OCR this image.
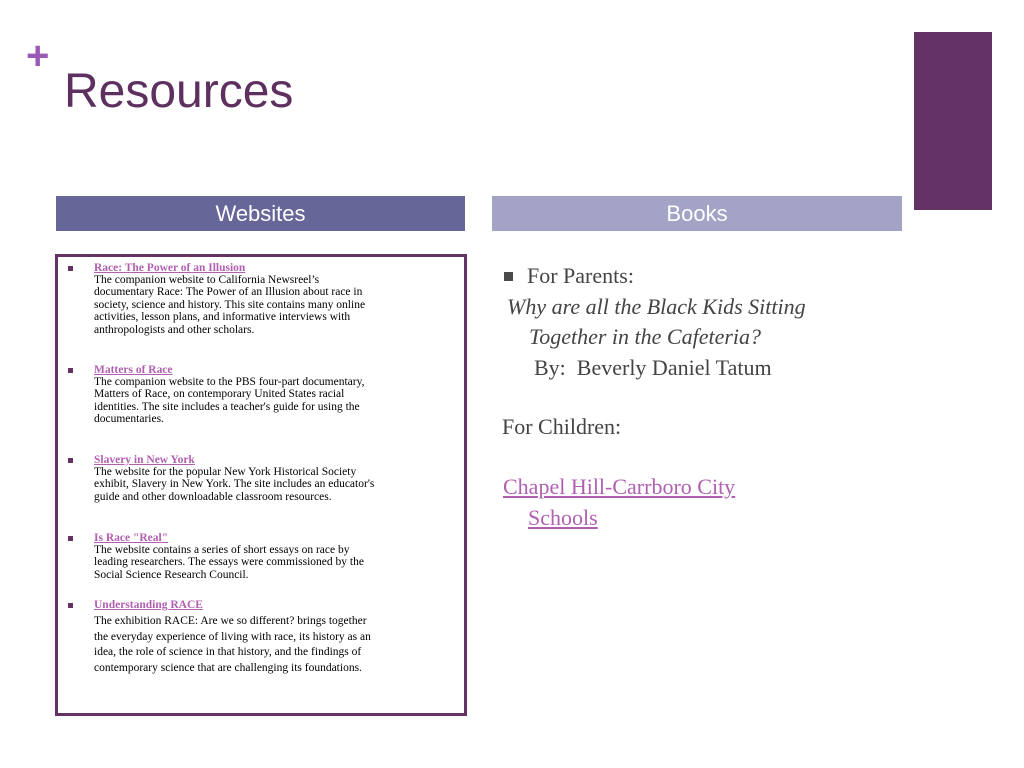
+
Resources
Websites	Books
Race: The Power of an Illusion
The companion website to California Newsreel’s
documentary Race: The Power of an Illusion about race in
society, science and history. This site contains many online
activities, lesson plans, and informative interviews with
anthropologists and other scholars.
Matters of Race
The companion website to the PBS four-part documentary,
Matters of Race, on contemporary United States racial
identities. The site includes a teacher's guide for using the
documentaries.
Slavery in New York
The website for the popular New York Historical Society
exhibit, Slavery in New York. The site includes an educator's
guide and other downloadable classroom resources.
Is Race "Real"
The website contains a series of short essays on race by
leading researchers. The essays were commissioned by the
Social Science Research Council.
Understanding RACE
The exhibition RACE: Are we so different? brings together
the everyday experience of living with race, its history as an
idea, the role of science in that history, and the findings of
contemporary science that are challenging its foundations.
For Parents:
Why are all the Black Kids Sitting
Together in the Cafeteria?
By:  Beverly Daniel Tatum
For Children:
Chapel Hill-Carrboro City
Schools
